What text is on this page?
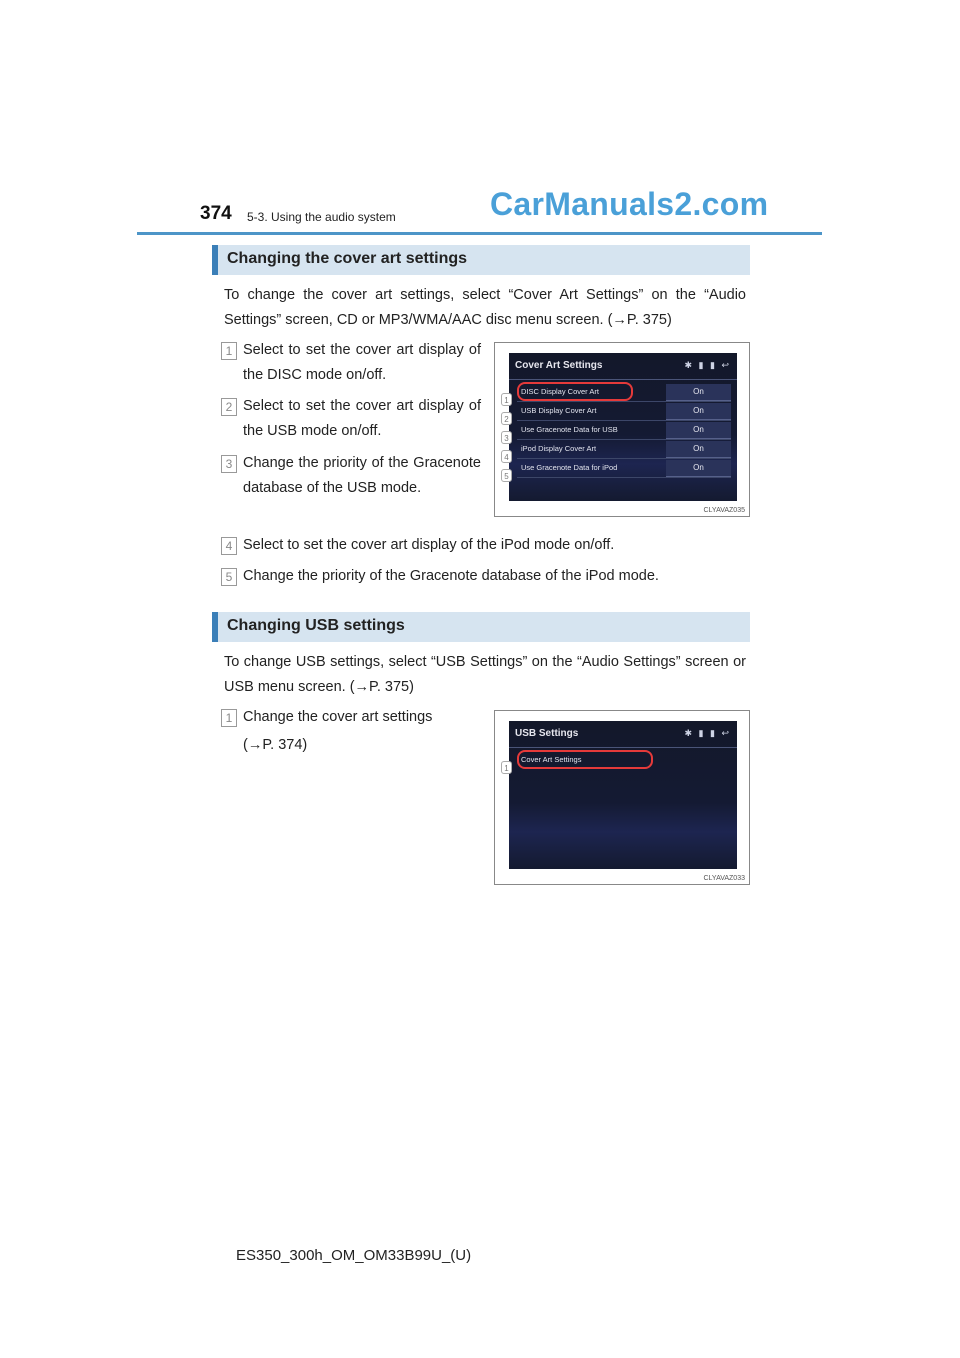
374 5-3. Using the audio system	CarManuals2.com
Changing the cover art settings
To change the cover art settings, select “Cover Art Settings” on the “Audio Settings” screen, CD or MP3/WMA/AAC disc menu screen. (→P. 375)
1 Select to set the cover art display of the DISC mode on/off.
2 Select to set the cover art display of the USB mode on/off.
3 Change the priority of the Gracenote database of the USB mode.
4 Select to set the cover art display of the iPod mode on/off.
5 Change the priority of the Gracenote database of the iPod mode.
Cover Art Settings	✱ ▮ ▮ ↩
DISC Display Cover Art	On
USB Display Cover Art	On
Use Gracenote Data for USB	On
iPod Display Cover Art	On
Use Gracenote Data for iPod	On
1
2
3
4
5
CLYAVAZ035
Changing USB settings
To change USB settings, select “USB Settings” on the “Audio Settings” screen or USB menu screen. (→P. 375)
1 Change the cover art settings
(→P. 374)
USB Settings	✱ ▮ ▮ ↩
Cover Art Settings
1
CLYAVAZ033
ES350_300h_OM_OM33B99U_(U)
